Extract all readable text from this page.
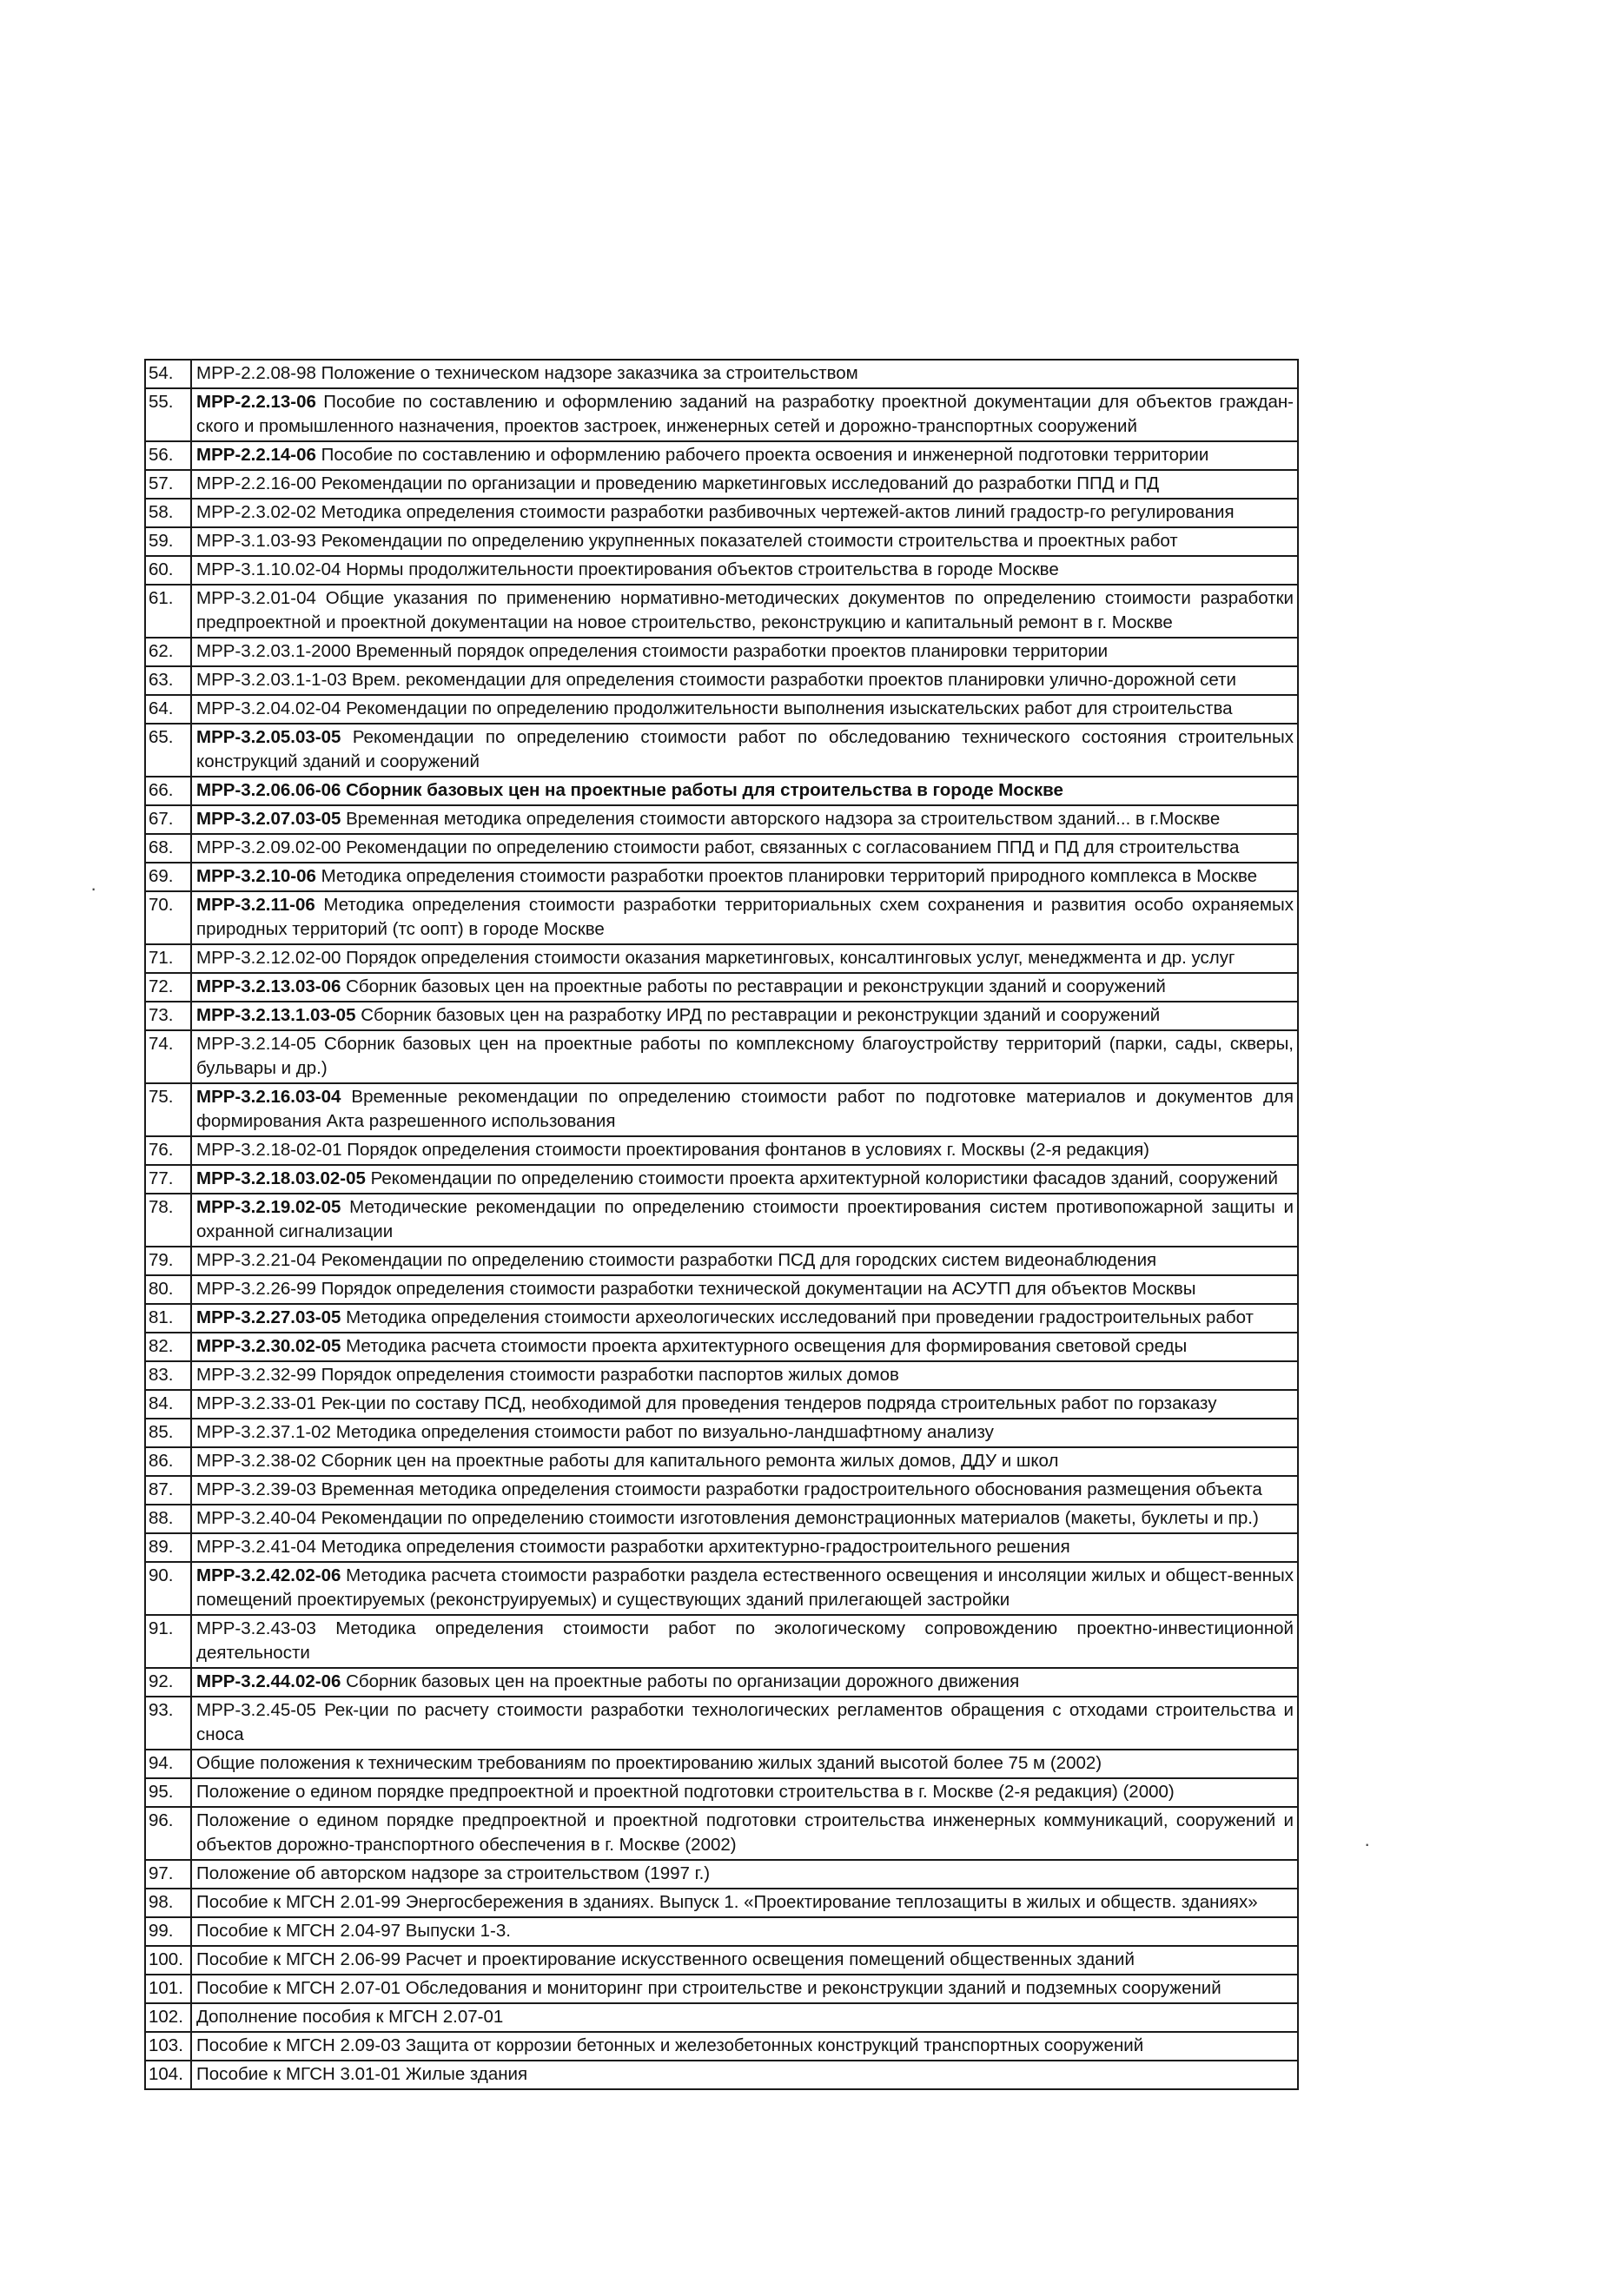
·
·
54.	МРР-2.2.08-98 Положение о техническом надзоре заказчика за строительством
55.	МРР-2.2.13-06 Пособие по составлению и оформлению заданий на разработку проектной документации для объектов граждан-ского и промышленного назначения, проектов застроек, инженерных сетей и дорожно-транспортных сооружений
56.	МРР-2.2.14-06 Пособие по составлению и оформлению рабочего проекта освоения и инженерной подготовки территории
57.	МРР-2.2.16-00 Рекомендации по организации и проведению маркетинговых исследований до разработки ППД и ПД
58.	МРР-2.3.02-02 Методика определения стоимости разработки разбивочных чертежей-актов линий градостр-го регулирования
59.	МРР-3.1.03-93 Рекомендации по определению укрупненных показателей стоимости строительства и проектных работ
60.	МРР-3.1.10.02-04 Нормы продолжительности проектирования объектов строительства в городе Москве
61.	МРР-3.2.01-04 Общие указания по применению нормативно-методических документов по определению стоимости разработки предпроектной и проектной документации на новое строительство, реконструкцию и капитальный ремонт в г. Москве
62.	МРР-3.2.03.1-2000 Временный порядок определения стоимости разработки проектов планировки территории
63.	МРР-3.2.03.1-1-03 Врем. рекомендации для определения стоимости разработки проектов планировки улично-дорожной сети
64.	МРР-3.2.04.02-04 Рекомендации по определению продолжительности выполнения изыскательских работ для строительства
65.	МРР-3.2.05.03-05 Рекомендации по определению стоимости работ по обследованию технического состояния строительных конструкций зданий и сооружений
66.	МРР-3.2.06.06-06 Сборник базовых цен на проектные работы для строительства в городе Москве
67.	МРР-3.2.07.03-05 Временная методика определения стоимости авторского надзора за строительством зданий... в г.Москве
68.	МРР-3.2.09.02-00 Рекомендации по определению стоимости работ, связанных с согласованием ППД и ПД для строительства
69.	МРР-3.2.10-06 Методика определения стоимости разработки проектов планировки территорий природного комплекса в Москве
70.	МРР-3.2.11-06 Методика определения стоимости разработки территориальных схем сохранения и развития особо охраняемых природных территорий (тс оопт) в городе Москве
71.	МРР-3.2.12.02-00 Порядок определения стоимости оказания маркетинговых, консалтинговых услуг, менеджмента и др. услуг
72.	МРР-3.2.13.03-06 Сборник базовых цен на проектные работы по реставрации и реконструкции зданий и сооружений
73.	МРР-3.2.13.1.03-05 Сборник базовых цен на разработку ИРД по реставрации и реконструкции зданий и сооружений
74.	МРР-3.2.14-05 Сборник базовых цен на проектные работы по комплексному благоустройству территорий (парки, сады, скверы, бульвары и др.)
75.	МРР-3.2.16.03-04 Временные рекомендации по определению стоимости работ по подготовке материалов и документов для формирования Акта разрешенного использования
76.	МРР-3.2.18-02-01 Порядок определения стоимости проектирования фонтанов в условиях г. Москвы (2-я редакция)
77.	МРР-3.2.18.03.02-05 Рекомендации по определению стоимости проекта архитектурной колористики фасадов зданий, сооружений
78.	МРР-3.2.19.02-05 Методические рекомендации по определению стоимости проектирования систем противопожарной защиты и охранной сигнализации
79.	МРР-3.2.21-04 Рекомендации по определению стоимости разработки ПСД для городских систем видеонаблюдения
80.	МРР-3.2.26-99 Порядок определения стоимости разработки технической документации на АСУТП для объектов Москвы
81.	МРР-3.2.27.03-05 Методика определения стоимости археологических исследований при проведении градостроительных работ
82.	МРР-3.2.30.02-05 Методика расчета стоимости проекта архитектурного освещения для формирования световой среды
83.	МРР-3.2.32-99 Порядок определения стоимости разработки паспортов жилых домов
84.	МРР-3.2.33-01 Рек-ции по составу ПСД, необходимой для проведения тендеров подряда строительных работ по горзаказу
85.	МРР-3.2.37.1-02 Методика определения стоимости работ по визуально-ландшафтному анализу
86.	МРР-3.2.38-02 Сборник цен на проектные работы для капитального ремонта жилых домов, ДДУ и школ
87.	МРР-3.2.39-03 Временная методика определения стоимости разработки градостроительного обоснования размещения объекта
88.	МРР-3.2.40-04 Рекомендации по определению стоимости изготовления демонстрационных материалов (макеты, буклеты и пр.)
89.	МРР-3.2.41-04 Методика определения стоимости разработки архитектурно-градостроительного решения
90.	МРР-3.2.42.02-06 Методика расчета стоимости разработки раздела естественного освещения и инсоляции жилых и общест-венных помещений проектируемых (реконструируемых) и существующих зданий прилегающей застройки
91.	МРР-3.2.43-03 Методика определения стоимости работ по экологическому сопровождению проектно-инвестиционной деятельности
92.	МРР-3.2.44.02-06 Сборник базовых цен на проектные работы по организации дорожного движения
93.	МРР-3.2.45-05 Рек-ции по расчету стоимости разработки технологических регламентов обращения с отходами строительства и сноса
94.	Общие положения к техническим требованиям по проектированию жилых зданий высотой более 75 м (2002)
95.	Положение о едином порядке предпроектной и проектной подготовки строительства в г. Москве (2-я редакция) (2000)
96.	Положение о едином порядке предпроектной и проектной подготовки строительства инженерных коммуникаций, сооружений и объектов дорожно-транспортного обеспечения в г. Москве (2002)
97.	Положение об авторском надзоре за строительством (1997 г.)
98.	Пособие к МГСН 2.01-99 Энергосбережения в зданиях. Выпуск 1. «Проектирование теплозащиты в жилых и обществ. зданиях»
99.	Пособие к МГСН 2.04-97 Выпуски 1-3.
100.	Пособие к МГСН 2.06-99 Расчет и проектирование искусственного освещения помещений общественных зданий
101.	Пособие к МГСН 2.07-01 Обследования и мониторинг при строительстве и реконструкции зданий и подземных сооружений
102.	Дополнение пособия к МГСН 2.07-01
103.	Пособие к МГСН 2.09-03 Защита от коррозии бетонных и железобетонных конструкций транспортных сооружений
104.	Пособие к МГСН 3.01-01 Жилые здания
